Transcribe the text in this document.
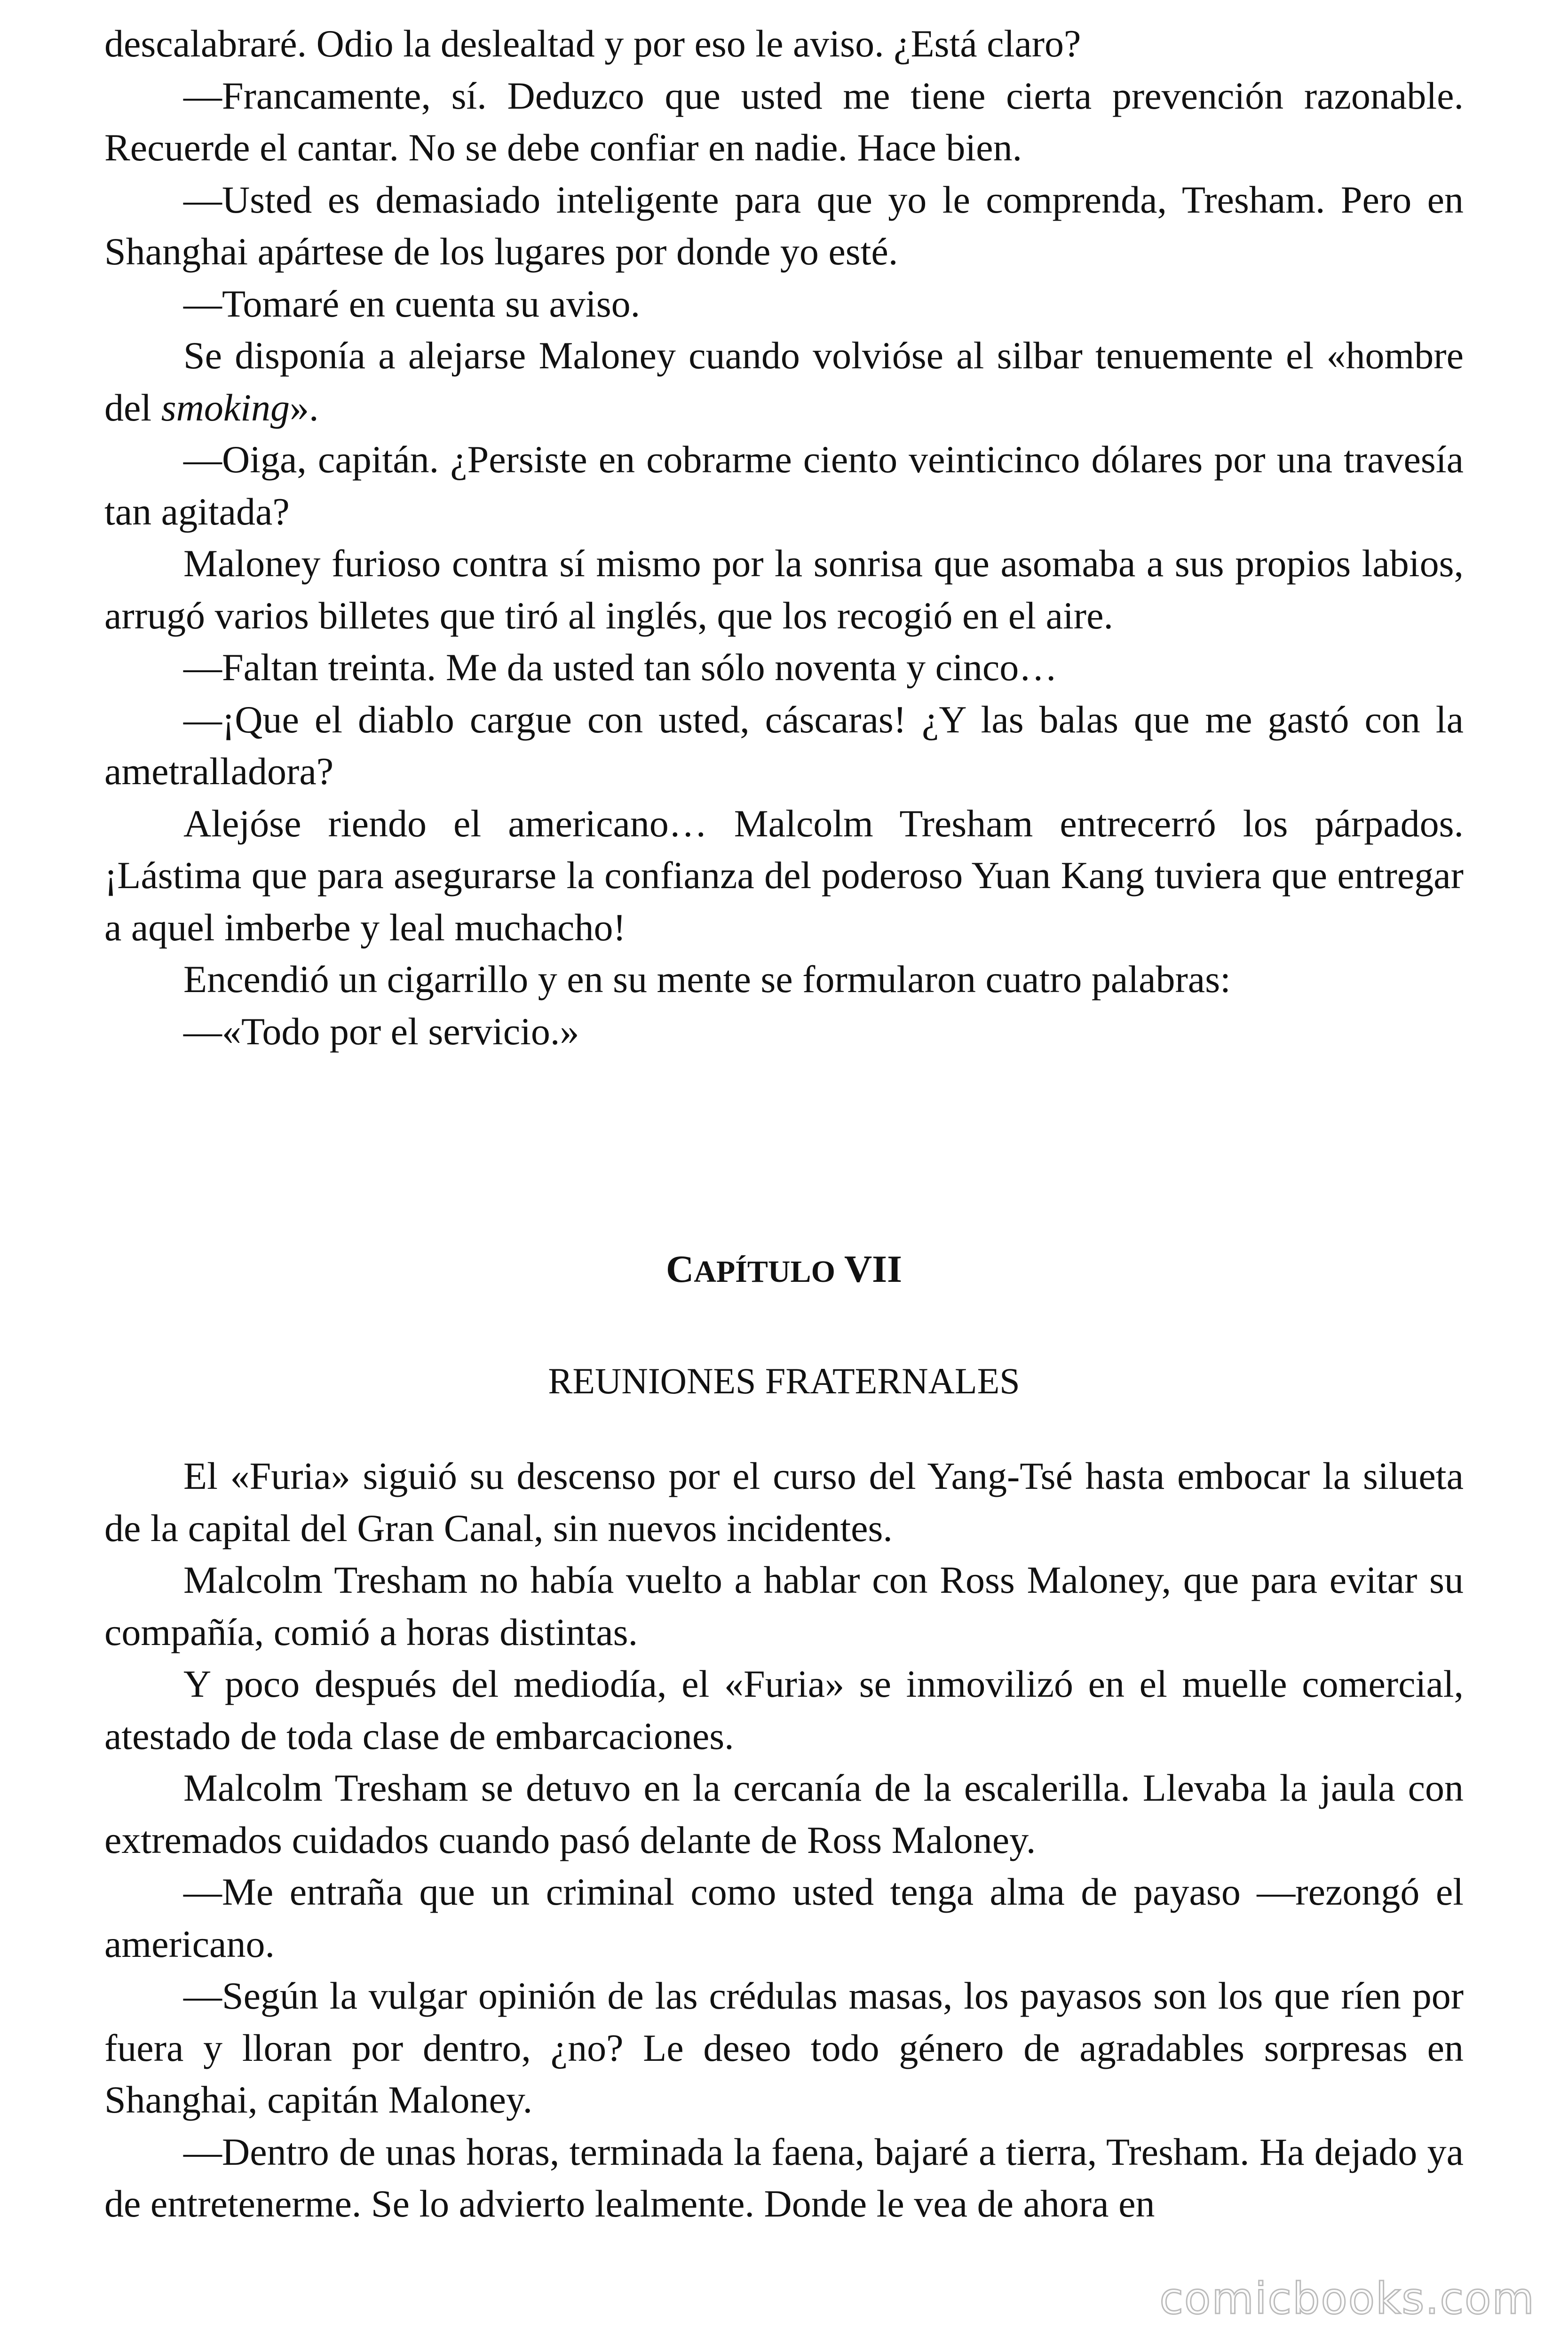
descalabraré. Odio la deslealtad y por eso le aviso. ¿Está claro?

—Francamente, sí. Deduzco que usted me tiene cierta prevención razonable. Recuerde el cantar. No se debe confiar en nadie. Hace bien.

—Usted es demasiado inteligente para que yo le comprenda, Tresham. Pero en Shanghai apártese de los lugares por donde yo esté.

—Tomaré en cuenta su aviso.

Se disponía a alejarse Maloney cuando volvióse al silbar tenuemente el «hombre del smoking».

—Oiga, capitán. ¿Persiste en cobrarme ciento veinticinco dólares por una travesía tan agitada?

Maloney furioso contra sí mismo por la sonrisa que asomaba a sus propios labios, arrugó varios billetes que tiró al inglés, que los recogió en el aire.

—Faltan treinta. Me da usted tan sólo noventa y cinco…

—¡Que el diablo cargue con usted, cáscaras! ¿Y las balas que me gastó con la ametralladora?

Alejóse riendo el americano… Malcolm Tresham entrecerró los párpados. ¡Lástima que para asegurarse la confianza del poderoso Yuan Kang tuviera que entregar a aquel imberbe y leal muchacho!

Encendió un cigarrillo y en su mente se formularon cuatro palabras:

—«Todo por el servicio.»

CAPÍTULO VII

REUNIONES FRATERNALES

El «Furia» siguió su descenso por el curso del Yang-Tsé hasta embocar la silueta de la capital del Gran Canal, sin nuevos incidentes.

Malcolm Tresham no había vuelto a hablar con Ross Maloney, que para evitar su compañía, comió a horas distintas.

Y poco después del mediodía, el «Furia» se inmovilizó en el muelle comercial, atestado de toda clase de embarcaciones.

Malcolm Tresham se detuvo en la cercanía de la escalerilla. Llevaba la jaula con extremados cuidados cuando pasó delante de Ross Maloney.

—Me entraña que un criminal como usted tenga alma de payaso —rezongó el americano.

—Según la vulgar opinión de las crédulas masas, los payasos son los que ríen por fuera y lloran por dentro, ¿no? Le deseo todo género de agradables sorpresas en Shanghai, capitán Maloney.

—Dentro de unas horas, terminada la faena, bajaré a tierra, Tresham. Ha dejado ya de entretenerme. Se lo advierto lealmente. Donde le vea de ahora en

comicbooks.com
